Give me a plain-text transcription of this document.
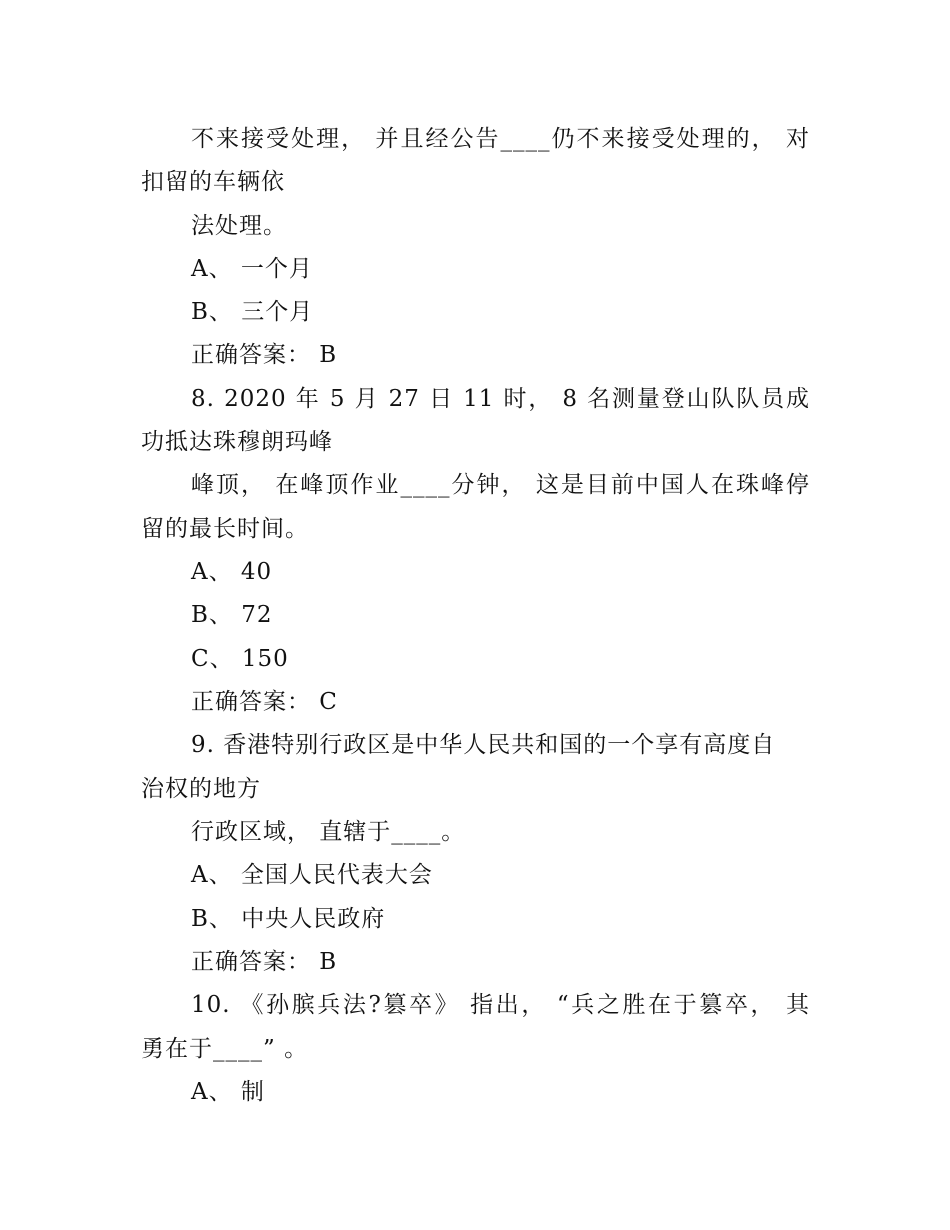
不来接受处理， 并且经公告____仍不来接受处理的， 对
扣留的车辆依
法处理。
A、 一个月
B、 三个月
正确答案： B
8. 2020 年 5 月 27 日 11 时， 8 名测量登山队队员成
功抵达珠穆朗玛峰
峰顶， 在峰顶作业____分钟， 这是目前中国人在珠峰停
留的最长时间。
A、 40
B、 72
C、 150
正确答案： C
9. 香港特别行政区是中华人民共和国的一个享有高度自
治权的地方
行政区域， 直辖于____。
A、 全国人民代表大会
B、 中央人民政府
正确答案： B
10. 《孙膑兵法?篡卒》 指出， “兵之胜在于篡卒， 其
勇在于____” 。
A、 制
